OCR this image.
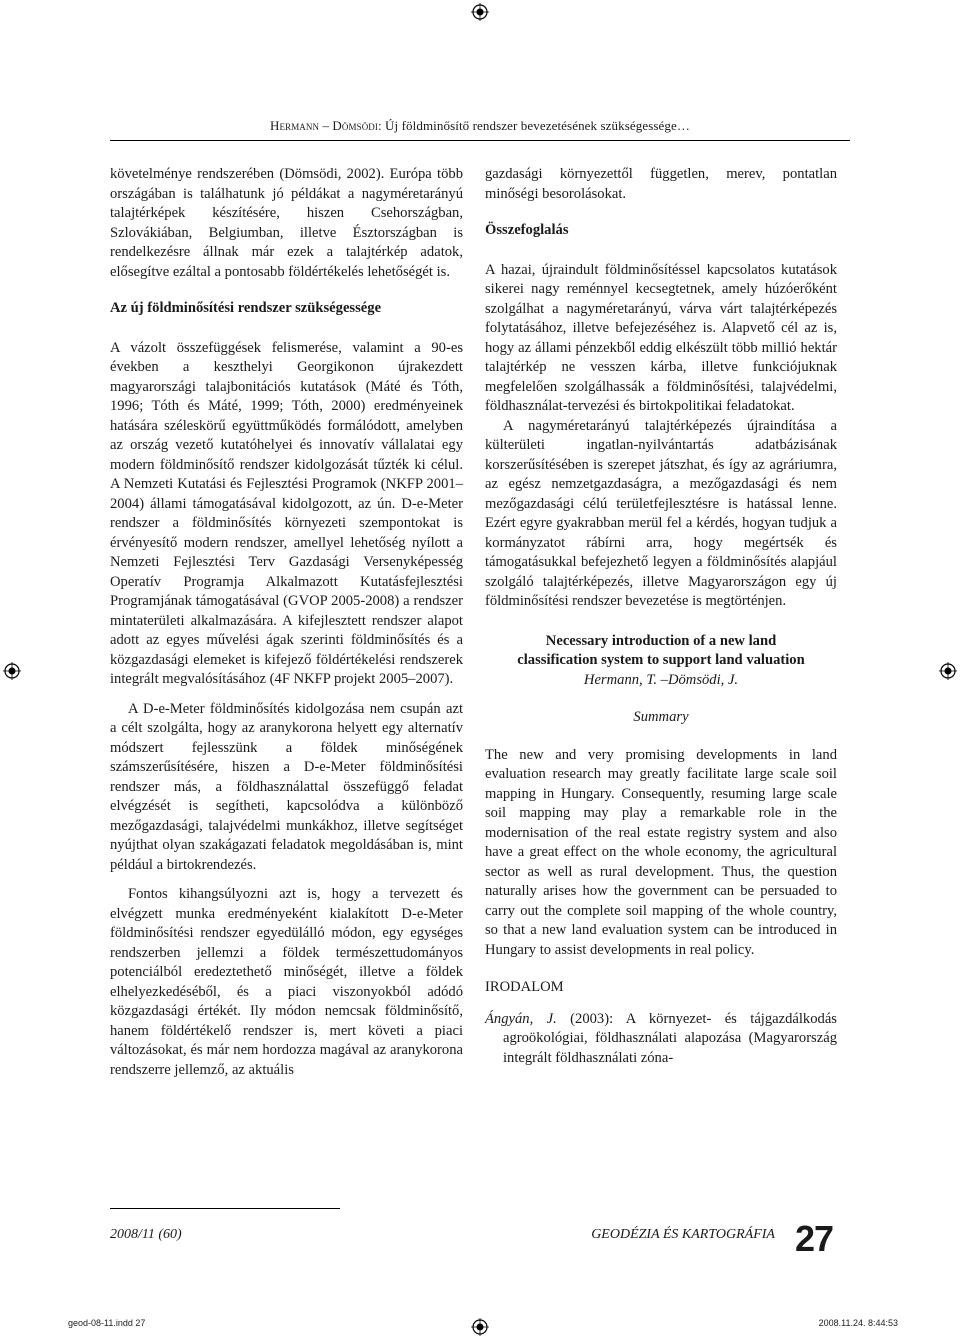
Hermann – Dömsödi: Új földminősítő rendszer bevezetésének szükségessége…

követelménye rendszerében (Dömsödi, 2002). Európa több országában is találhatunk jó példákat a nagyméretarányú talajtérképek készítésére, hiszen Csehországban, Szlovákiában, Belgiumban, illetve Észtországban is rendelkezésre állnak már ezek a talajtérkép adatok, elősegítve ezáltal a pontosabb földértékelés lehetőségét is.

Az új földminősítési rendszer szükségessége

A vázolt összefüggések felismerése, valamint a 90-es években a keszthelyi Georgikonon újrakezdett magyarországi talajbonitációs kutatások (Máté és Tóth, 1996; Tóth és Máté, 1999; Tóth, 2000) eredményeinek hatására széleskörű együttműködés formálódott, amelyben az ország vezető kutatóhelyei és innovatív vállalatai egy modern földminősítő rendszer kidolgozását tűzték ki célul. A Nemzeti Kutatási és Fejlesztési Programok (NKFP 2001–2004) állami támogatásával kidolgozott, az ún. D-e-Meter rendszer a földminősítés környezeti szempontokat is érvényesítő modern rendszer, amellyel lehetőség nyílott a Nemzeti Fejlesztési Terv Gazdasági Versenyképesség Operatív Programja Alkalmazott Kutatásfejlesztési Programjának támogatásával (GVOP 2005-2008) a rendszer mintaterületi alkalmazására. A kifejlesztett rendszer alapot adott az egyes művelési ágak szerinti földminősítés és a közgazdasági elemeket is kifejező földértékelési rendszerek integrált megvalósításához (4F NKFP projekt 2005–2007).

A D-e-Meter földminősítés kidolgozása nem csupán azt a célt szolgálta, hogy az aranykorona helyett egy alternatív módszert fejlesszünk a földek minőségének számszerűsítésére, hiszen a D-e-Meter földminősítési rendszer más, a földhasználattal összefüggő feladat elvégzését is segítheti, kapcsolódva a különböző mezőgazdasági, talajvédelmi munkákhoz, illetve segítséget nyújthat olyan szakágazati feladatok megoldásában is, mint például a birtokrendezés.

Fontos kihangsúlyozni azt is, hogy a tervezett és elvégzett munka eredményeként kialakított D-e-Meter földminősítési rendszer egyedülálló módon, egy egységes rendszerben jellemzi a földek természettudományos potenciálból eredeztethető minőségét, illetve a földek elhelyezkedéséből, és a piaci viszonyokból adódó közgazdasági értékét. Ily módon nemcsak földminősítő, hanem földértékelő rendszer is, mert követi a piaci változásokat, és már nem hordozza magával az aranykorona rendszerre jellemző, az aktuális

gazdasági környezettől független, merev, pontatlan minőségi besorolásokat.

Összefoglalás

A hazai, újraindult földminősítéssel kapcsolatos kutatások sikerei nagy reménnyel kecsegtetnek, amely húzóerőként szolgálhat a nagyméretarányú, várva várt talajtérképezés folytatásához, illetve befejezéséhez is. Alapvető cél az is, hogy az állami pénzekből eddig elkészült több millió hektár talajtérkép ne vesszen kárba, illetve funkciójuknak megfelelően szolgálhassák a földminősítési, talajvédelmi, földhasználat-tervezési és birtokpolitikai feladatokat.

A nagyméretarányú talajtérképezés újraindítása a külterületi ingatlan-nyilvántartás adatbázisának korszerűsítésében is szerepet játszhat, és így az agráriumra, az egész nemzetgazdaságra, a mezőgazdasági és nem mezőgazdasági célú területfejlesztésre is hatással lenne. Ezért egyre gyakrabban merül fel a kérdés, hogyan tudjuk a kormányzatot rábírni arra, hogy megértsék és támogatásukkal befejezhető legyen a földminősítés alapjául szolgáló talajtérképezés, illetve Magyarországon egy új földminősítési rendszer bevezetése is megtörténjen.

Necessary introduction of a new land
classification system to support land valuation
Hermann, T. –Dömsödi, J.
Summary

The new and very promising developments in land evaluation research may greatly facilitate large scale soil mapping in Hungary. Consequently, resuming large scale soil mapping may play a remarkable role in the modernisation of the real estate registry system and also have a great effect on the whole economy, the agricultural sector as well as rural development. Thus, the question naturally arises how the government can be persuaded to carry out the complete soil mapping of the whole country, so that a new land evaluation system can be introduced in Hungary to assist developments in real policy.

IRODALOM

Ángyán, J. (2003): A környezet- és tájgazdálkodás agroökológiai, földhasználati alapozása (Magyarország integrált földhasználati zóna-

2008/11 (60)	GEODÉZIA ÉS KARTOGRÁFIA 27
geod-08-11.indd 27	2008.11.24. 8:44:53
